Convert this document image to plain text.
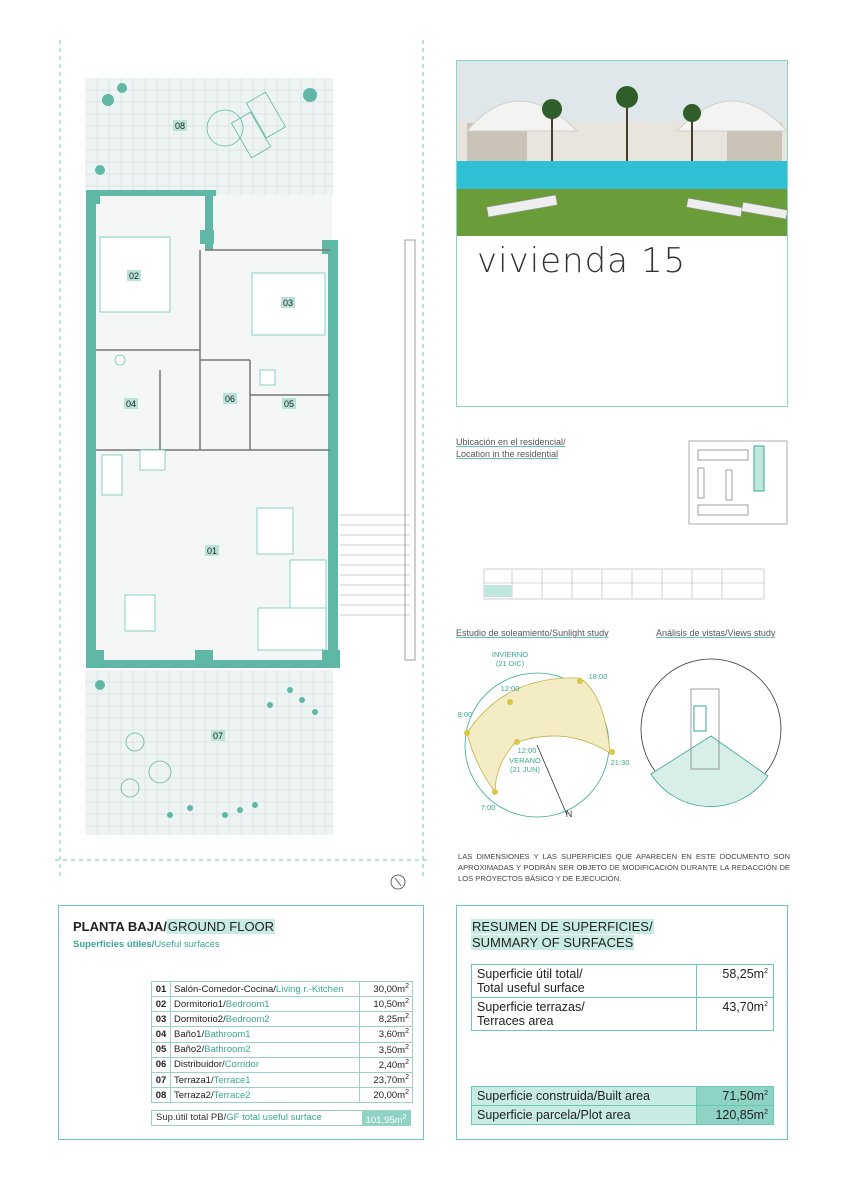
08
02
03
04	06	05
01
07
vivienda 15
Ubicación en el residencial/
Location in the residential
Estudio de soleamiento/Sunlight study
INVIERNO
(21 DIC)
12:00
18:00
8:00
12:00
VERANO
(21 JUN)
21:30
7:00
N
Análisis de vistas/Views study
LAS DIMENSIONES Y LAS SUPERFICIES QUE APARECEN EN ESTE DOCUMENTO SON APROXIMADAS Y PODRÁN SER OBJETO DE MODIFICACIÓN DURANTE LA REDACCIÓN DE LOS PROYECTOS BÁSICO Y DE EJECUCIÓN.
PLANTA BAJA/GROUND FLOOR
Superficies útiles/Useful surfaces
01	Salón-Comedor-Cocina/Living r.-Kitchen	$30,00m^2$
02	Dormitorio1/Bedroom1	$10,50m^2$
03	Dormitorio2/Bedroom2	$8,25m^2$
04	Baño1/Bathroom1	$3,60m^2$
05	Baño2/Bathroom2	$3,50m^2$
06	Distribuidor/Corridor	$2,40m^2$
07	Terraza1/Terrace1	$23,70m^2$
08	Terraza2/Terrace2	$20,00m^2$
Sup.útil total PB/GF total useful surface	$101,95m^2$
RESUMEN DE SUPERFICIES/
SUMMARY OF SURFACES
Superficie útil total/
Total useful surface	$58,25m^2$
Superficie terrazas/
Terraces area	$43,70m^2$
Superficie construida/Built area	$71,50m^2$
Superficie parcela/Plot area	$120,85m^2$
